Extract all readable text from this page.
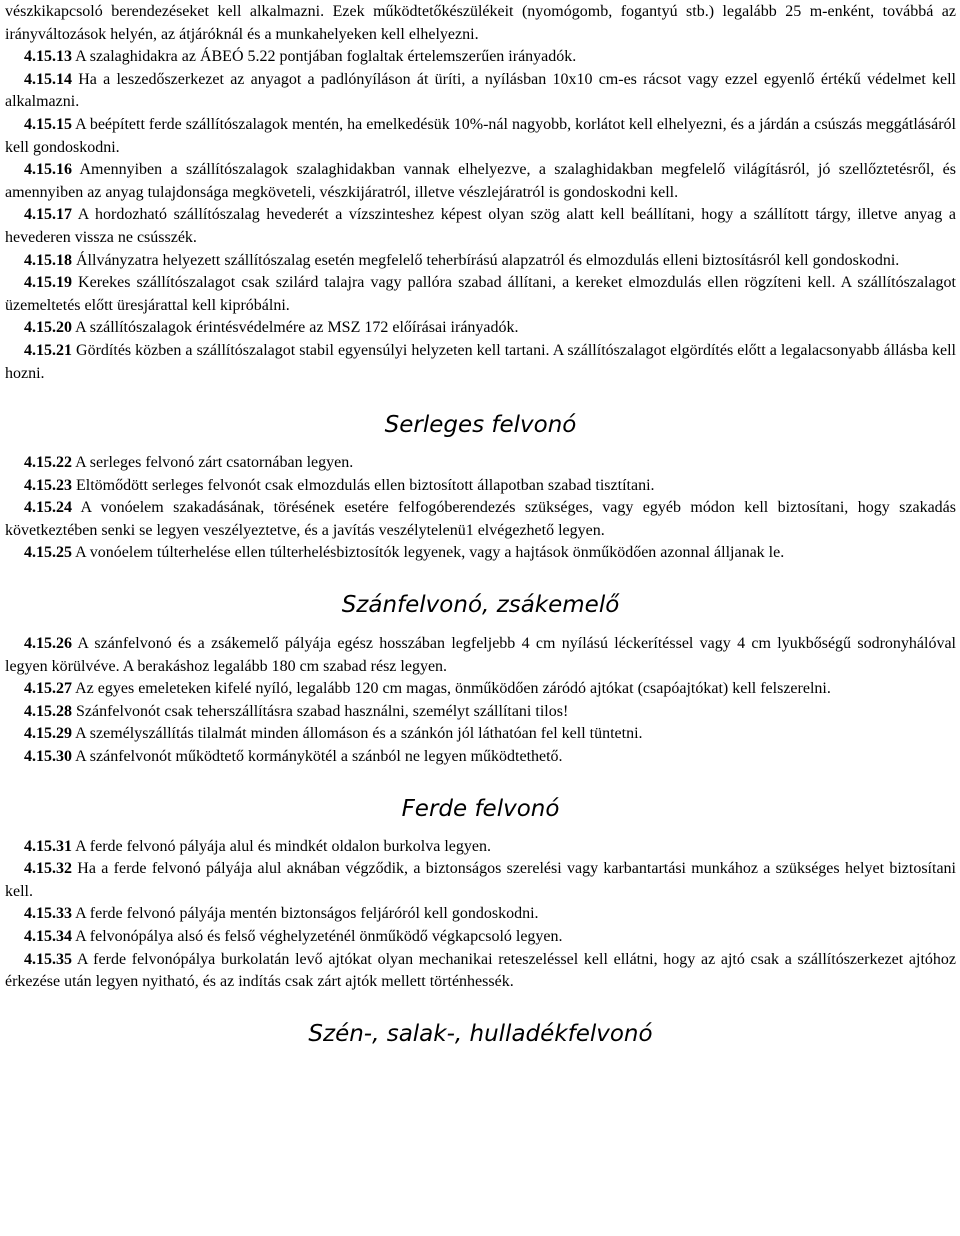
vészkikapcsoló berendezéseket kell alkalmazni. Ezek működtetőkészülékeit (nyomógomb, fogantyú stb.) legalább 25 m-enként, továbbá az irányváltozások helyén, az átjáróknál és a munkahelyeken kell elhelyezni.

4.15.13 A szalaghidakra az ÁBEÓ 5.22 pontjában foglaltak értelemszerűen irányadók.

4.15.14 Ha a leszedőszerkezet az anyagot a padlónyíláson át üríti, a nyílásban 10x10 cm-es rácsot vagy ezzel egyenlő értékű védelmet kell alkalmazni.

4.15.15 A beépített ferde szállítószalagok mentén, ha emelkedésük 10%-nál nagyobb, korlátot kell elhelyezni, és a járdán a csúszás meggátlásáról kell gondoskodni.

4.15.16 Amennyiben a szállítószalagok szalaghidakban vannak elhelyezve, a szalaghidakban megfelelő világításról, jó szellőztetésről, és amennyiben az anyag tulajdonsága megköveteli, vészkijáratról, illetve vészlejáratról is gondoskodni kell.

4.15.17 A hordozható szállítószalag hevederét a vízszinteshez képest olyan szög alatt kell beállítani, hogy a szállított tárgy, illetve anyag a hevederen vissza ne csússzék.

4.15.18 Állványzatra helyezett szállítószalag esetén megfelelő teherbírású alapzatról és elmozdulás elleni biztosításról kell gondoskodni.

4.15.19 Kerekes szállítószalagot csak szilárd talajra vagy pallóra szabad állítani, a kereket elmozdulás ellen rögzíteni kell. A szállítószalagot üzemeltetés előtt üresjárattal kell kipróbálni.

4.15.20 A szállítószalagok érintésvédelmére az MSZ 172 előírásai irányadók.

4.15.21 Gördítés közben a szállítószalagot stabil egyensúlyi helyzeten kell tartani. A szállítószalagot elgördítés előtt a legalacsonyabb állásba kell hozni.

Serleges felvonó

4.15.22 A serleges felvonó zárt csatornában legyen.

4.15.23 Eltömődött serleges felvonót csak elmozdulás ellen biztosított állapotban szabad tisztítani.

4.15.24 A vonóelem szakadásának, törésének esetére felfogóberendezés szükséges, vagy egyéb módon kell biztosítani, hogy szakadás következtében senki se legyen veszélyeztetve, és a javítás veszélytelenü1 elvégezhető legyen.

4.15.25 A vonóelem túlterhelése ellen túlterhelésbiztosítók legyenek, vagy a hajtások önműködően azonnal álljanak le.

Szánfelvonó, zsákemelő

4.15.26 A szánfelvonó és a zsákemelő pályája egész hosszában legfeljebb 4 cm nyílású léckerítéssel vagy 4 cm lyukbőségű sodronyhálóval legyen körülvéve. A berakáshoz legalább 180 cm szabad rész legyen.

4.15.27 Az egyes emeleteken kifelé nyíló, legalább 120 cm magas, önműködően záródó ajtókat (csapóajtókat) kell felszerelni.

4.15.28 Szánfelvonót csak teherszállításra szabad használni, személyt szállítani tilos!

4.15.29 A személyszállítás tilalmát minden állomáson és a szánkón jól láthatóan fel kell tüntetni.

4.15.30 A szánfelvonót működtető kormánykötél a szánból ne legyen működtethető.

Ferde felvonó

4.15.31 A ferde felvonó pályája alul és mindkét oldalon burkolva legyen.

4.15.32 Ha a ferde felvonó pályája alul aknában végződik, a biztonságos szerelési vagy karbantartási munkához a szükséges helyet biztosítani kell.

4.15.33 A ferde felvonó pályája mentén biztonságos feljáróról kell gondoskodni.

4.15.34 A felvonópálya alsó és felső véghelyzeténél önműködő végkapcsoló legyen.

4.15.35 A ferde felvonópálya burkolatán levő ajtókat olyan mechanikai reteszeléssel kell ellátni, hogy az ajtó csak a szállítószerkezet ajtóhoz érkezése után legyen nyitható, és az indítás csak zárt ajtók mellett történhessék.

Szén-, salak-, hulladékfelvonó
